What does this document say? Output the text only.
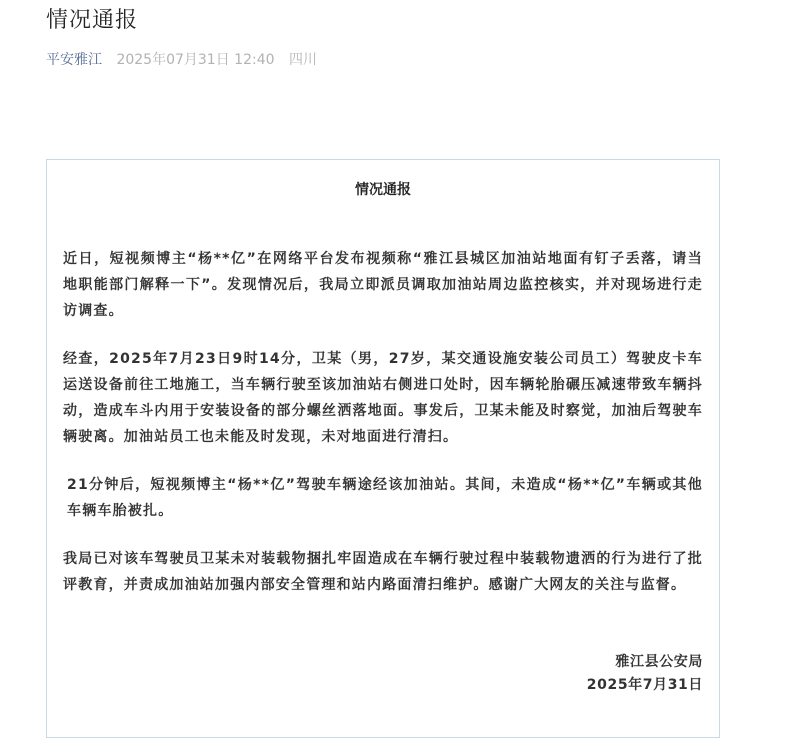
情况通报
平安雅江 2025年07月31日 12:40 四川
情况通报

近日，短视频博主“杨**亿”在网络平台发布视频称“雅江县城区加油站地面有钉子丢落，请当地职能部门解释一下”。发现情况后，我局立即派员调取加油站周边监控核实，并对现场进行走访调查。

经查，2025年7月23日9时14分，卫某（男，27岁，某交通设施安装公司员工）驾驶皮卡车运送设备前往工地施工，当车辆行驶至该加油站右侧进口处时，因车辆轮胎碾压减速带致车辆抖动，造成车斗内用于安装设备的部分螺丝洒落地面。事发后，卫某未能及时察觉，加油后驾驶车辆驶离。加油站员工也未能及时发现，未对地面进行清扫。

21分钟后，短视频博主“杨**亿”驾驶车辆途经该加油站。其间，未造成“杨**亿”车辆或其他车辆车胎被扎。

我局已对该车驾驶员卫某未对装载物捆扎牢固造成在车辆行驶过程中装载物遗洒的行为进行了批评教育，并责成加油站加强内部安全管理和站内路面清扫维护。感谢广大网友的关注与监督。

雅江县公安局
2025年7月31日
